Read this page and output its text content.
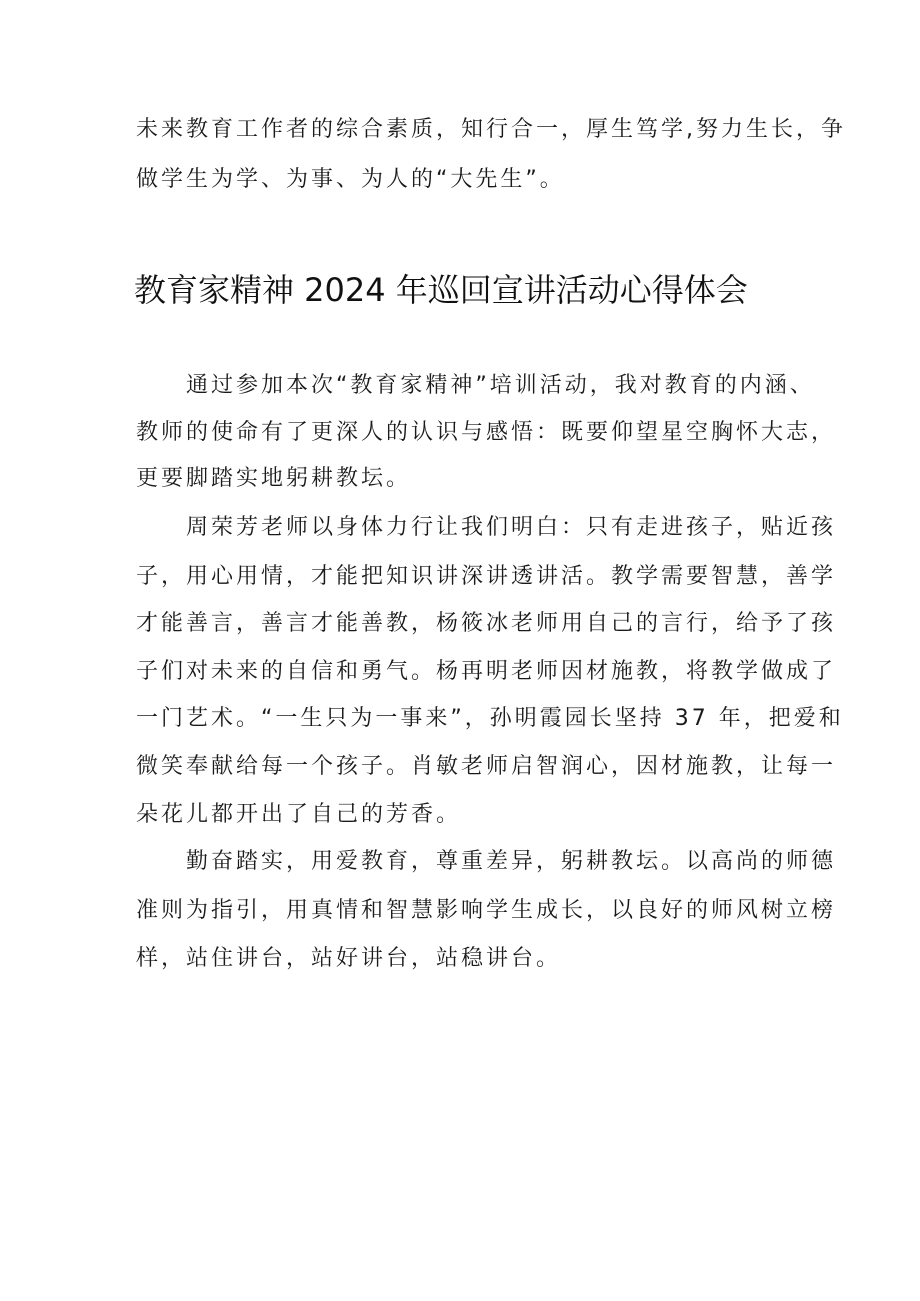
未来教育工作者的综合素质，知行合一，厚生笃学,努力生长，争

做学生为学、为事、为人的“大先生”。

教育家精神 2024 年巡回宣讲活动心得体会

通过参加本次“教育家精神”培训活动，我对教育的内涵、

教师的使命有了更深人的认识与感悟：既要仰望星空胸怀大志，

更要脚踏实地躬耕教坛。

周荣芳老师以身体力行让我们明白：只有走进孩子，贴近孩

子，用心用情，才能把知识讲深讲透讲活。教学需要智慧，善学

才能善言，善言才能善教，杨筱冰老师用自己的言行，给予了孩

子们对未来的自信和勇气。杨再明老师因材施教，将教学做成了

一门艺术。“一生只为一事来”，孙明霞园长坚持 37 年，把爱和

微笑奉献给每一个孩子。肖敏老师启智润心，因材施教，让每一

朵花儿都开出了自己的芳香。

勤奋踏实，用爱教育，尊重差异，躬耕教坛。以高尚的师德

准则为指引，用真情和智慧影响学生成长，以良好的师风树立榜

样，站住讲台，站好讲台，站稳讲台。
